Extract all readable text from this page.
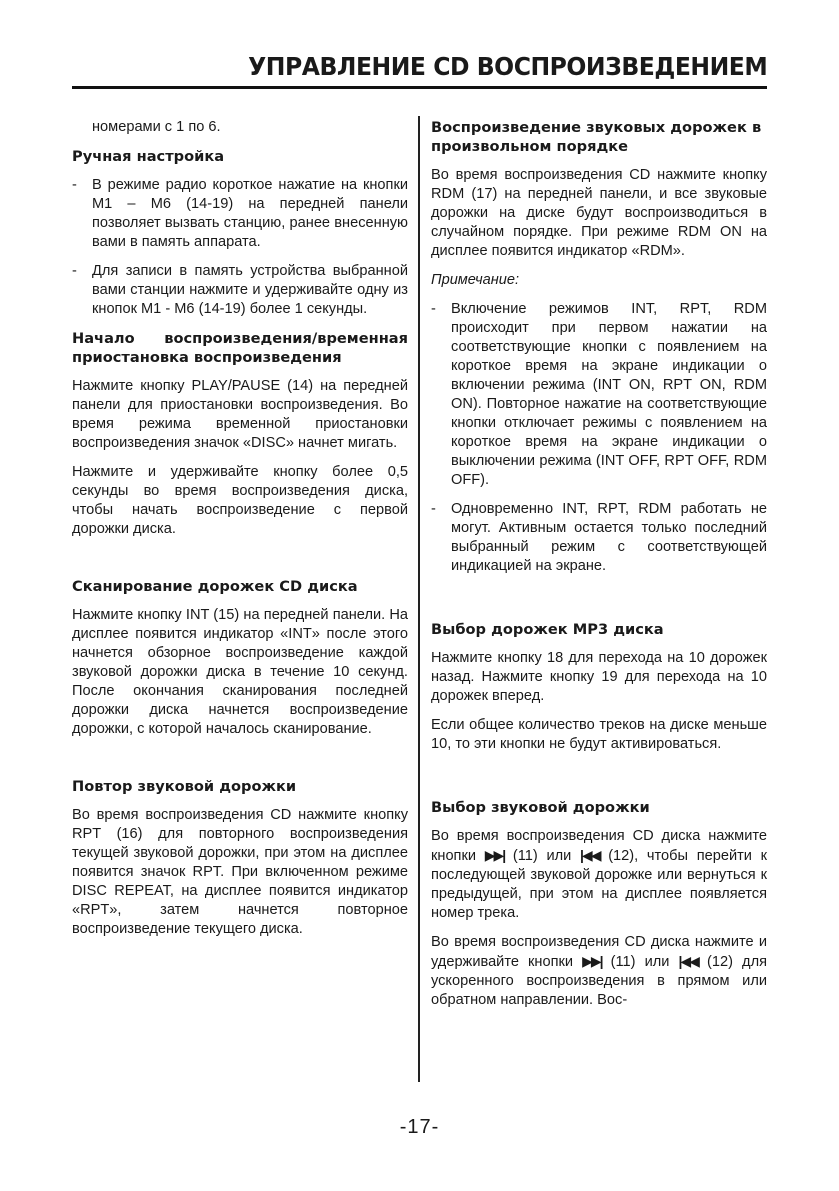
УПРАВЛЕНИЕ CD ВОСПРОИЗВЕДЕНИЕМ

номерами с 1 по 6.

Ручная настройка
- В режиме радио короткое нажатие на кнопки М1 – М6 (14-19) на передней панели позволяет вызвать станцию, ранее внесенную вами в память аппарата.
- Для записи в память устройства выбранной вами станции нажмите и удерживайте одну из кнопок М1 - М6 (14-19) более 1 секунды.
Начало воспроизведения/временная приостановка воспроизведения

Нажмите кнопку PLAY/PAUSE (14) на передней панели для приостановки воспроизведения. Во время режима временной приостановки воспроизведения значок «DISC» начнет мигать.

Нажмите и удерживайте кнопку более 0,5 секунды во время воспроизведения диска, чтобы начать воспроизведение с первой дорожки диска.

Сканирование дорожек CD диска

Нажмите кнопку INT (15) на передней панели. На дисплее появится индикатор «INT» после этого начнется обзорное воспроизведение каждой звуковой дорожки диска в течение 10 секунд. После окончания сканирования последней дорожки диска начнется воспроизведение дорожки, с которой началось сканирование.

Повтор звуковой дорожки

Во время воспроизведения CD нажмите кнопку RPT (16) для повторного воспроизведения текущей звуковой дорожки, при этом на дисплее появится значок RPT. При включенном режиме DISC REPEAT, на дисплее появится индикатор «RPT», затем начнется повторное воспроизведение текущего диска.

Воспроизведение звуковых дорожек в произвольном порядке

Во время воспроизведения CD нажмите кнопку RDM (17) на передней панели, и все звуковые дорожки на диске будут воспроизводиться в случайном порядке. При режиме RDM ON на дисплее появится индикатор «RDM».

Примечание:
- Включение режимов INT, RPT, RDM происходит при первом нажатии на соответствующие кнопки с появлением на короткое время на экране индикации о включении режима (INT ON, RPT ON, RDM ON). Повторное нажатие на соответствующие кнопки отключает режимы с появлением на короткое время на экране индикации о выключении режима (INT OFF, RPT OFF, RDM OFF).
- Одновременно INT, RPT, RDM работать не могут. Активным остается только последний выбранный режим с соответствующей индикацией на экране.
Выбор дорожек MP3 диска

Нажмите кнопку 18 для перехода на 10 дорожек назад. Нажмите кнопку 19 для перехода на 10 дорожек вперед.

Если общее количество треков на диске меньше 10, то эти кнопки не будут активироваться.

Выбор звуковой дорожки

Во время воспроизведения CD диска нажмите кнопки ▶▶| (11) или |◀◀ (12), чтобы перейти к последующей звуковой дорожке или вернуться к предыдущей, при этом на дисплее появляется номер трека.

Во время воспроизведения CD диска нажмите и удерживайте кнопки ▶▶| (11) или |◀◀ (12) для ускоренного воспроизведения в прямом или обратном направлении. Вос-

-17-
